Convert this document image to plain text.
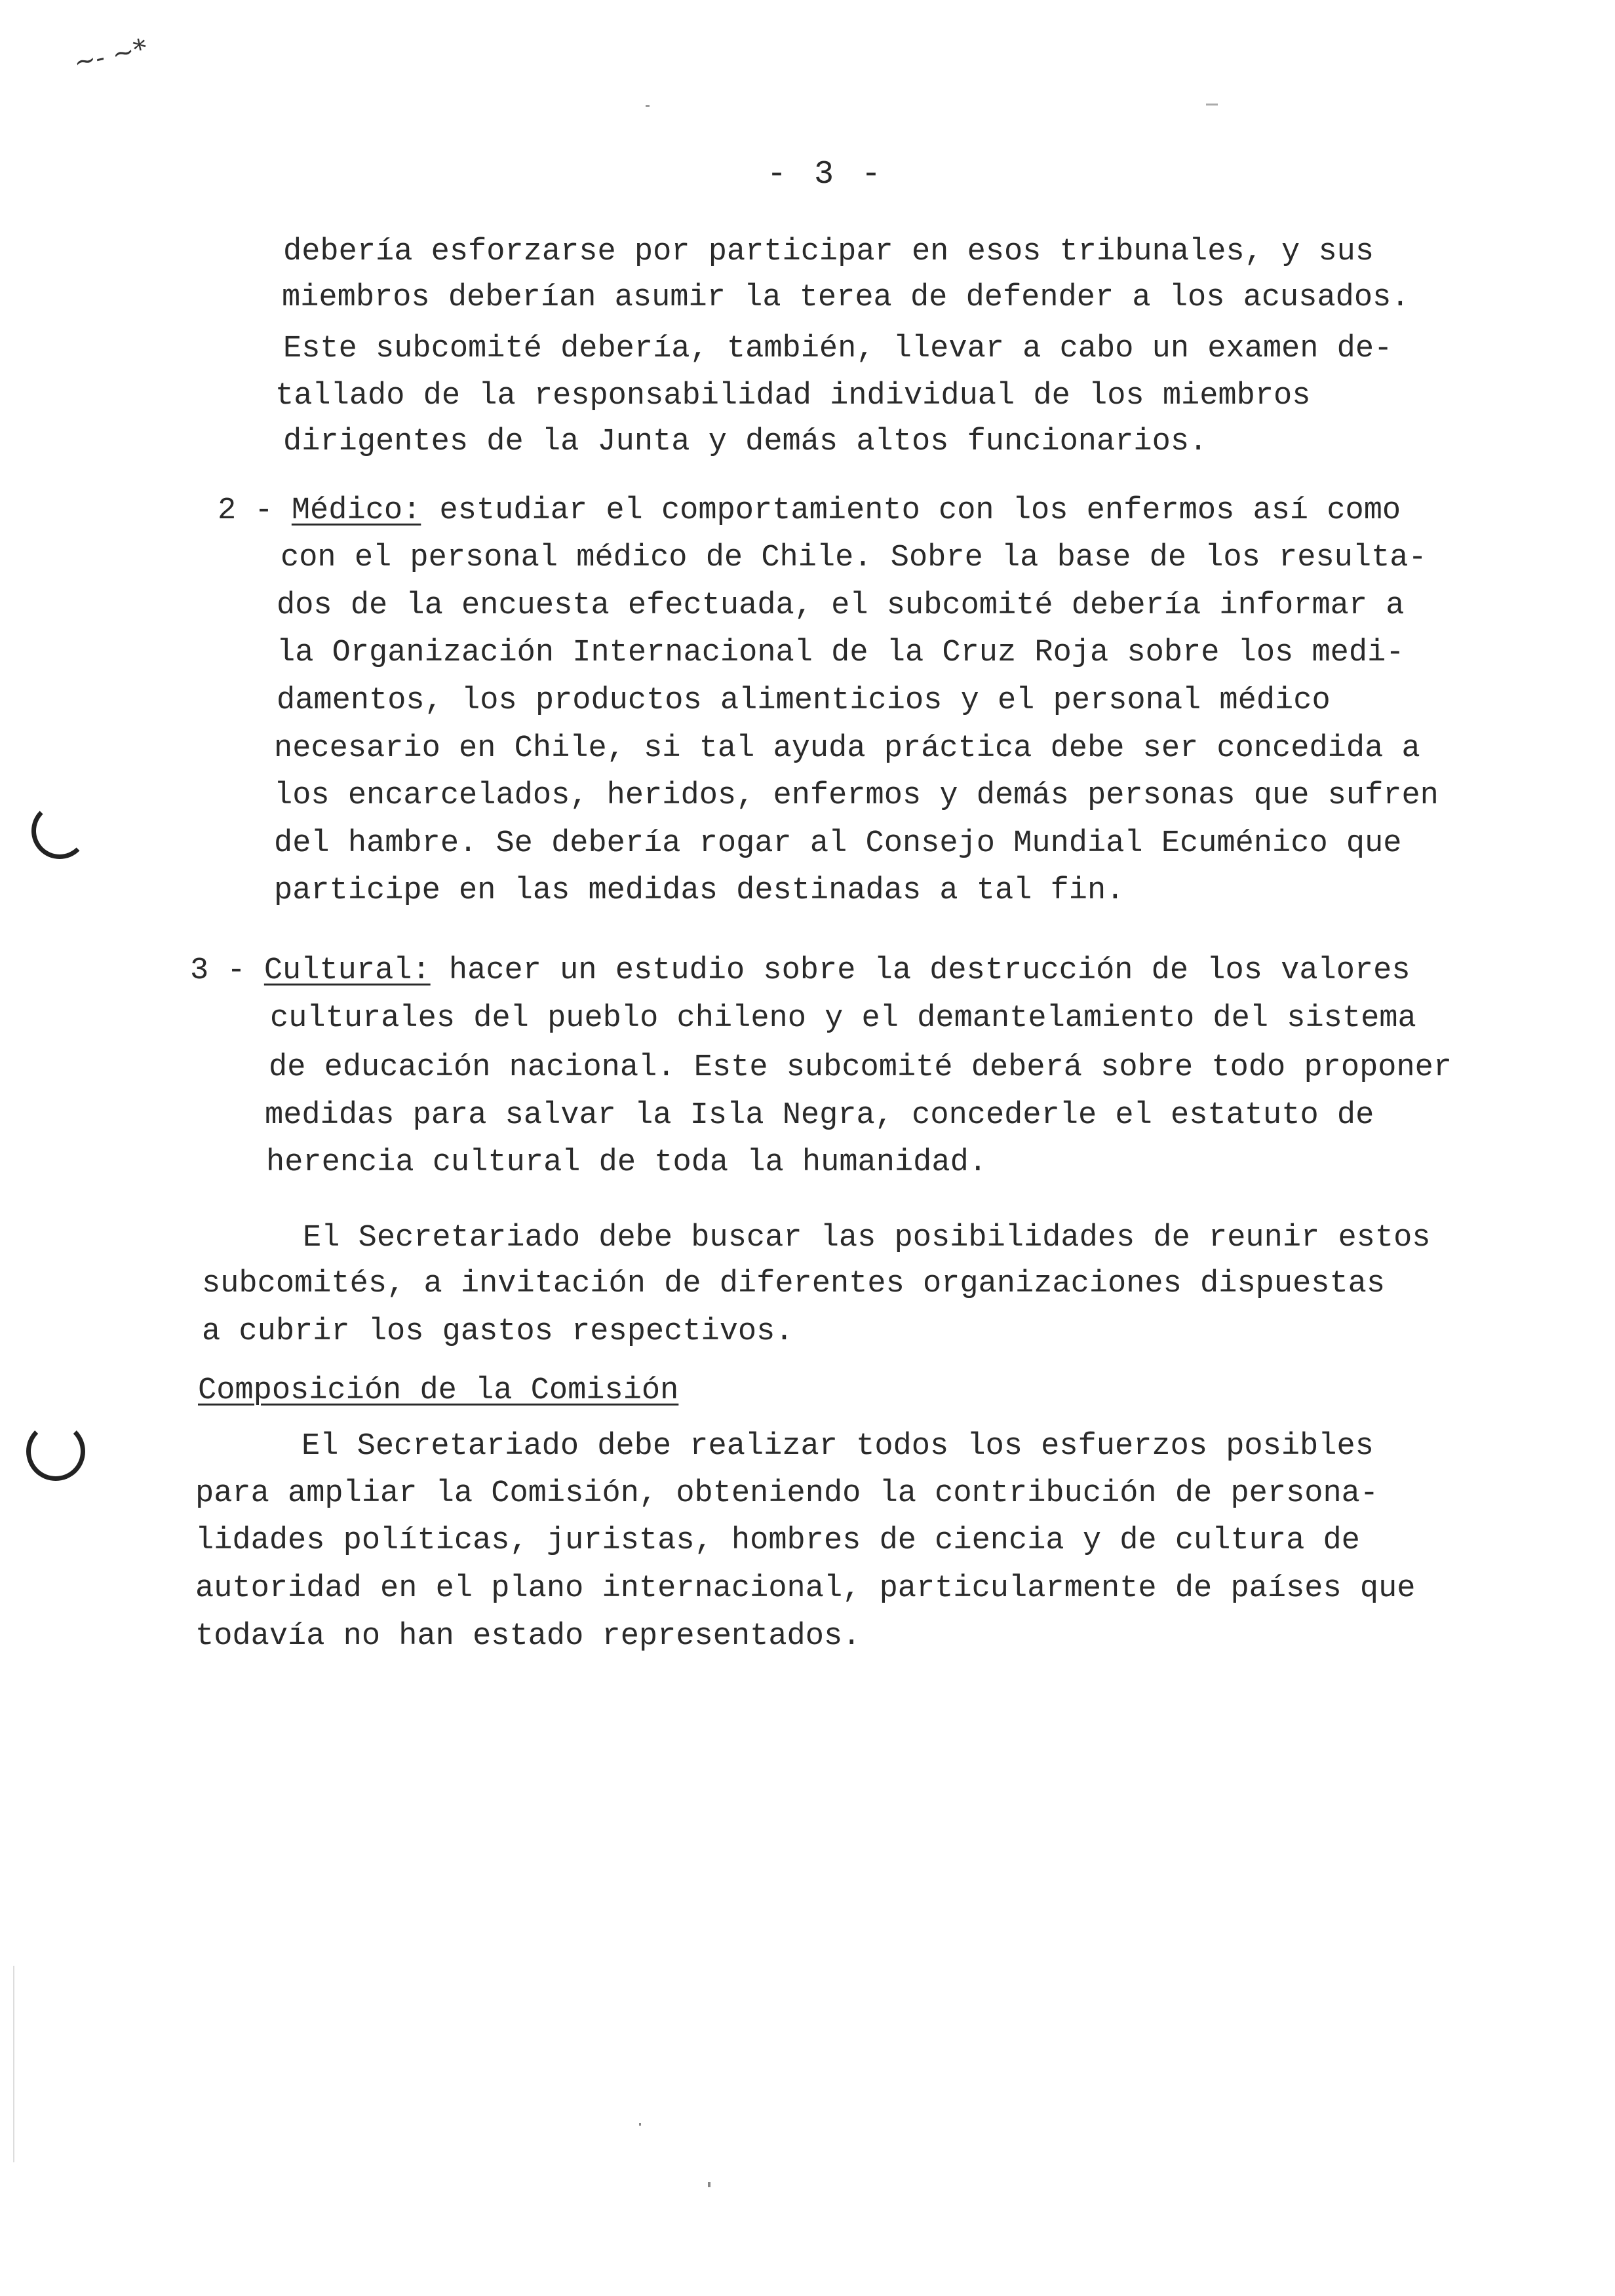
~- ~*
- 3 -
debería esforzarse por participar en esos tribunales, y sus
miembros deberían asumir la terea de defender a los acusados.
Este subcomité debería, también, llevar a cabo un examen de-
tallado de la responsabilidad individual de los miembros
dirigentes de la Junta y demás altos funcionarios.
2 - Médico: estudiar el comportamiento con los enfermos así como
con el personal médico de Chile. Sobre la base de los resulta-
dos de la encuesta efectuada, el subcomité debería informar a
la Organización Internacional de la Cruz Roja sobre los medi-
damentos, los productos alimenticios y el personal médico
necesario en Chile, si tal ayuda práctica debe ser concedida a
los encarcelados, heridos, enfermos y demás personas que sufren
del hambre. Se debería rogar al Consejo Mundial Ecuménico que
participe en las medidas destinadas a tal fin.
3 - Cultural: hacer un estudio sobre la destrucción de los valores
culturales del pueblo chileno y el demantelamiento del sistema
de educación nacional. Este subcomité deberá sobre todo proponer
medidas para salvar la Isla Negra, concederle el estatuto de
herencia cultural de toda la humanidad.
El Secretariado debe buscar las posibilidades de reunir estos
subcomités, a invitación de diferentes organizaciones dispuestas
a cubrir los gastos respectivos.
Composición de la Comisión
El Secretariado debe realizar todos los esfuerzos posibles
para ampliar la Comisión, obteniendo la contribución de persona-
lidades políticas, juristas, hombres de ciencia y de cultura de
autoridad en el plano internacional, particularmente de países que
todavía no han estado representados.
